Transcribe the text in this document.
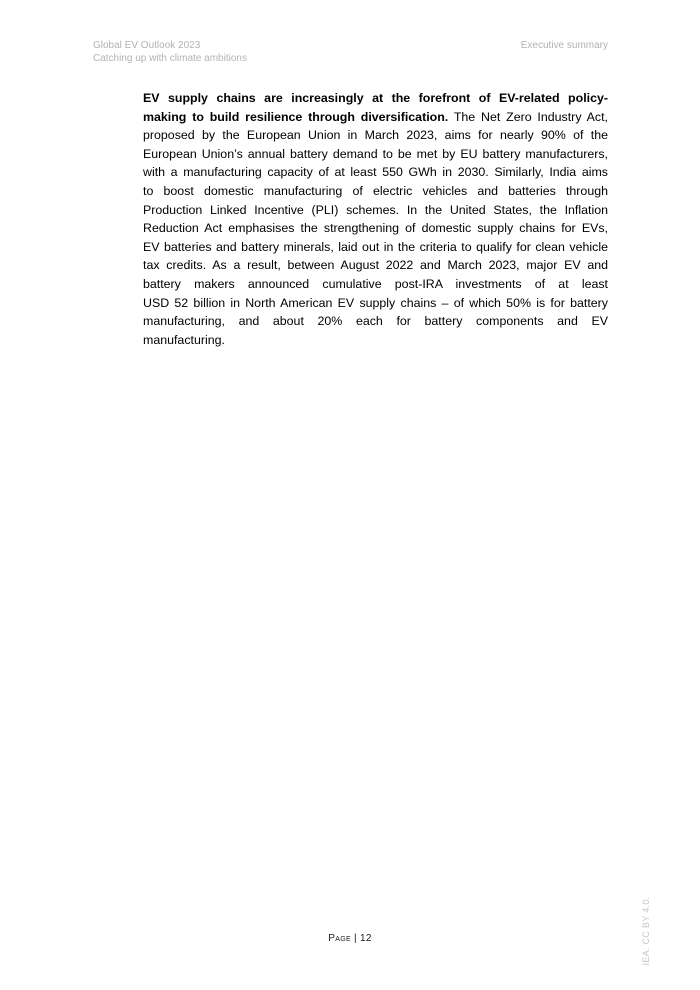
Global EV Outlook 2023
Catching up with climate ambitions
Executive summary
EV supply chains are increasingly at the forefront of EV-related policy-
making to build resilience through diversification. The Net Zero Industry Act,
proposed by the European Union in March 2023, aims for nearly 90% of the
European Union’s annual battery demand to be met by EU battery manufacturers,
with a manufacturing capacity of at least 550 GWh in 2030. Similarly, India aims
to boost domestic manufacturing of electric vehicles and batteries through
Production Linked Incentive (PLI) schemes. In the United States, the Inflation
Reduction Act emphasises the strengthening of domestic supply chains for EVs,
EV batteries and battery minerals, laid out in the criteria to qualify for clean vehicle
tax credits. As a result, between August 2022 and March 2023, major EV and
battery makers announced cumulative post-IRA investments of at least
USD 52 billion in North American EV supply chains – of which 50% is for battery
manufacturing, and about 20% each for battery components and EV
manufacturing.
Page | 12	IEA. CC BY 4.0.
